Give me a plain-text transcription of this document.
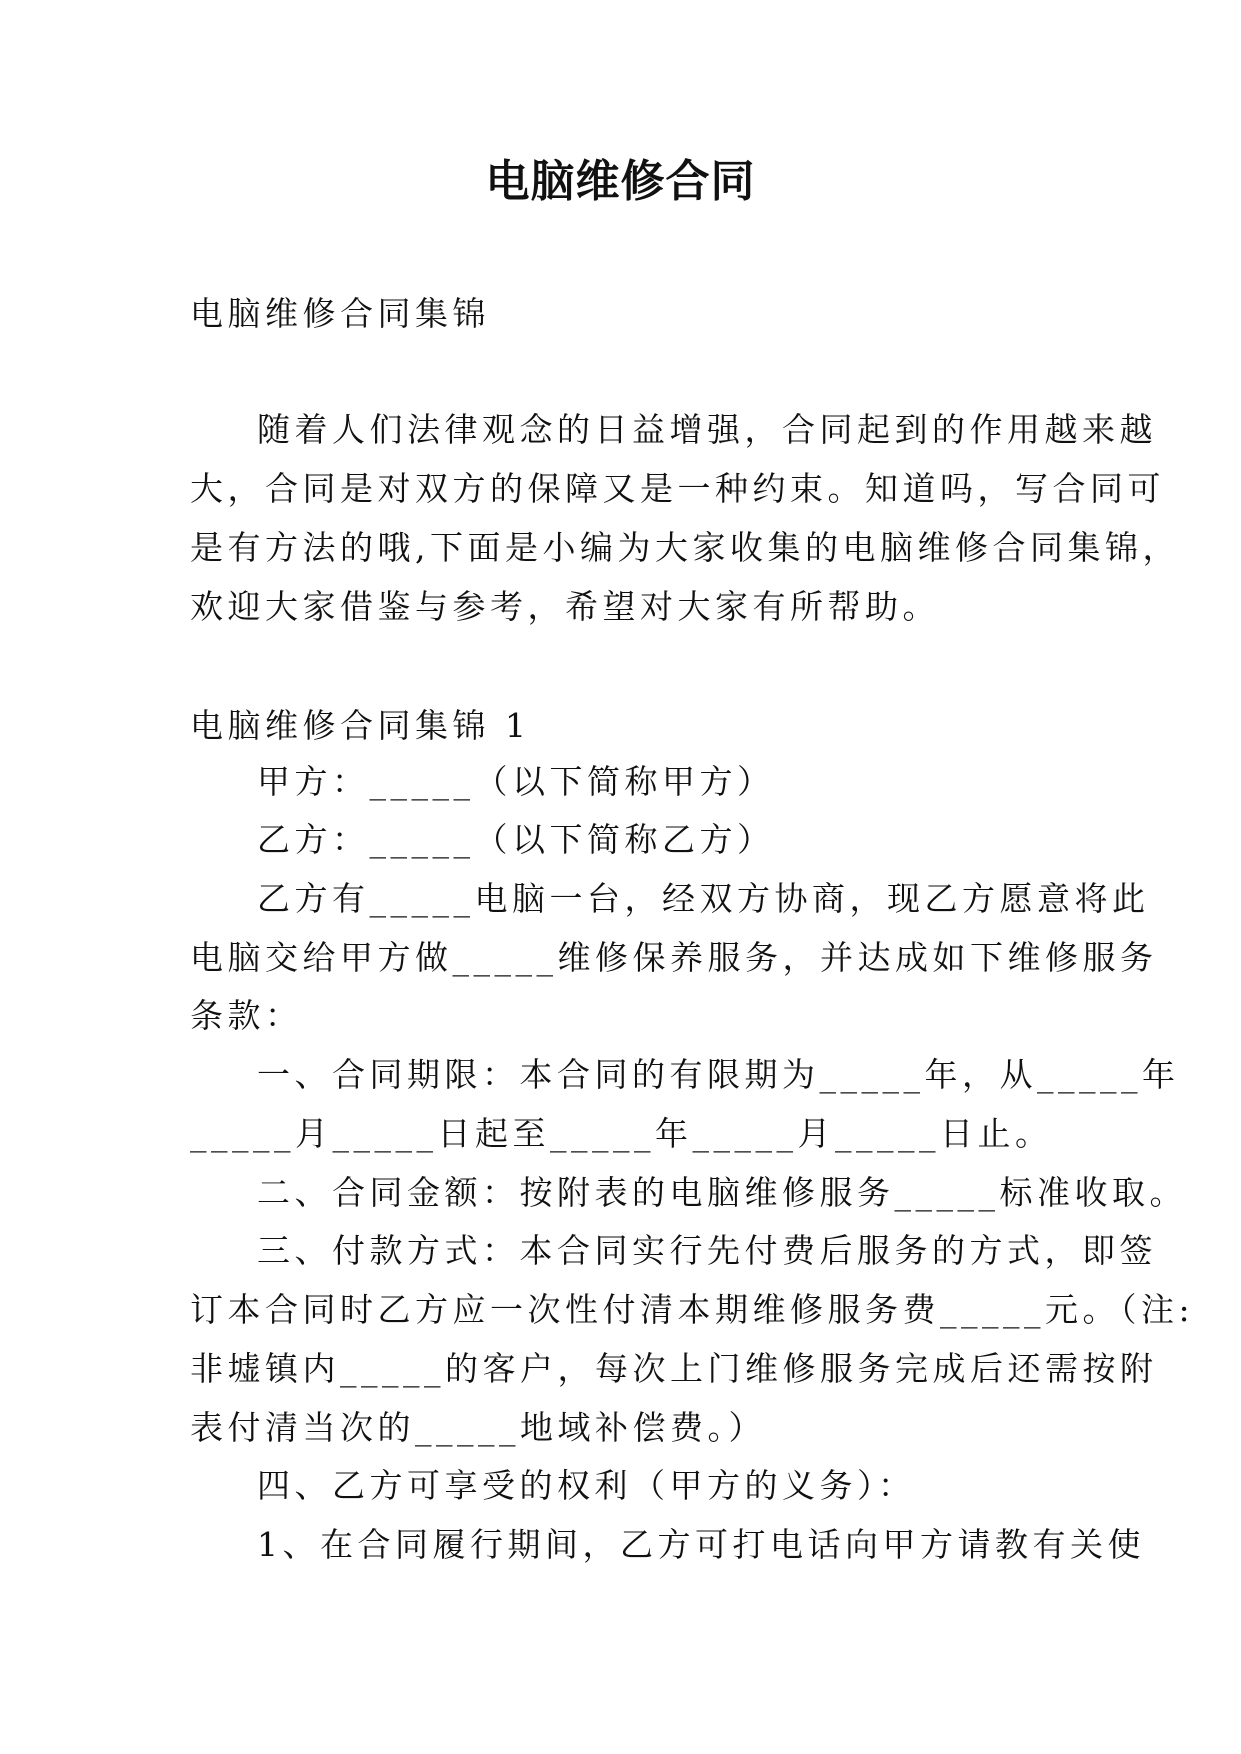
电脑维修合同
电脑维修合同集锦
随着人们法律观念的日益增强，合同起到的作用越来越
大，合同是对双方的保障又是一种约束。知道吗，写合同可
是有方法的哦,下面是小编为大家收集的电脑维修合同集锦，
欢迎大家借鉴与参考，希望对大家有所帮助。
电脑维修合同集锦 1
甲方：_____（以下简称甲方）
乙方：_____（以下简称乙方）
乙方有_____电脑一台，经双方协商，现乙方愿意将此
电脑交给甲方做_____维修保养服务，并达成如下维修服务
条款：
一、合同期限：本合同的有限期为_____年，从_____年
_____月_____日起至_____年_____月_____日止。
二、合同金额：按附表的电脑维修服务_____标准收取。
三、付款方式：本合同实行先付费后服务的方式，即签
订本合同时乙方应一次性付清本期维修服务费_____元。（注:
非墟镇内_____的客户，每次上门维修服务完成后还需按附
表付清当次的_____地域补偿费。）
四、乙方可享受的权利（甲方的义务）：
1、在合同履行期间，乙方可打电话向甲方请教有关使
